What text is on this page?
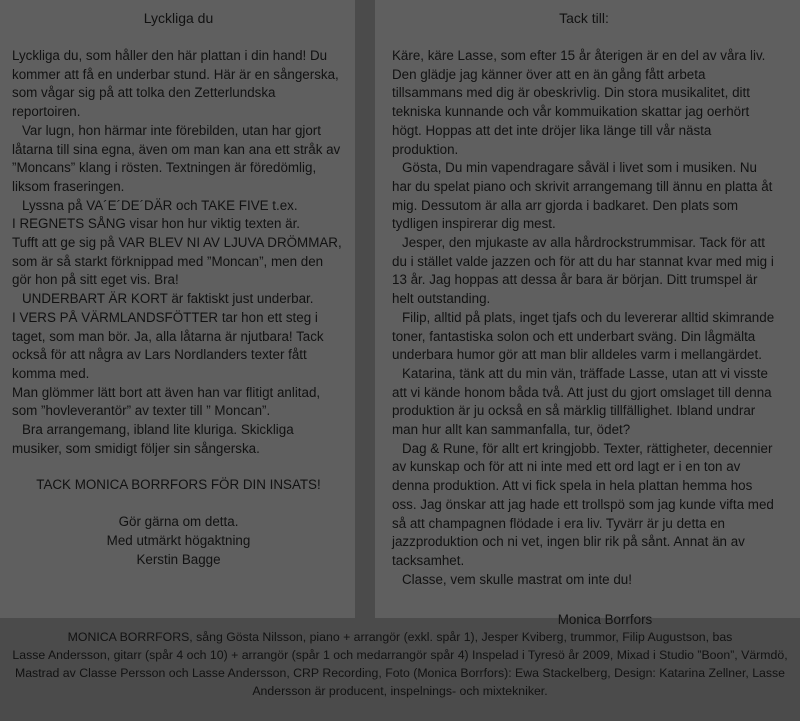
Lyckliga du

Lyckliga du, som håller den här plattan i din hand! Du kommer att få en underbar stund. Här är en sångerska, som vågar sig på att tolka den Zetterlundska reportoiren.

Var lugn, hon härmar inte förebilden, utan har gjort låtarna till sina egna, även om man kan ana ett stråk av ”Moncans” klang i rösten. Textningen är föredömlig, liksom fraseringen.

Lyssna på VA´E´DE´DÄR och TAKE FIVE t.ex.

I REGNETS SÅNG visar hon hur viktig texten är.

Tufft att ge sig på VAR BLEV NI AV LJUVA DRÖMMAR, som är så starkt förknippad med ”Moncan”, men den gör hon på sitt eget vis. Bra!

UNDERBART ÄR KORT är faktiskt just underbar.

I VERS PÅ VÄRMLANDSFÖTTER tar hon ett steg i taget, som man bör. Ja, alla låtarna är njutbara! Tack också för att några av Lars Nordlanders texter fått komma med.

Man glömmer lätt bort att även han var flitigt anlitad, som ”hovleverantör” av texter till ” Moncan”.

Bra arrangemang, ibland lite kluriga. Skickliga musiker, som smidigt följer sin sångerska.

TACK MONICA BORRFORS FÖR DIN INSATS!

Gör gärna om detta.

Med utmärkt högaktning

Kerstin Bagge

Tack till:

Käre, käre Lasse, som efter 15 år återigen är en del av våra liv. Den glädje jag känner över att en än gång fått arbeta tillsammans med dig är obeskrivlig. Din stora musikalitet, ditt tekniska kunnande och vår kommuikation skattar jag oerhört högt. Hoppas att det inte dröjer lika länge till vår nästa produktion.

Gösta, Du min vapendragare såväl i livet som i musiken. Nu har du spelat piano och skrivit arrangemang till ännu en platta åt mig. Dessutom är alla arr gjorda i badkaret. Den plats som tydligen inspirerar dig mest.

Jesper, den mjukaste av alla hårdrockstrummisar. Tack för att du i stället valde jazzen och för att du har stannat kvar med mig i 13 år. Jag hoppas att dessa år bara är början. Ditt trumspel är helt outstanding.

Filip, alltid på plats, inget tjafs och du levererar alltid skimrande toner, fantastiska solon och ett underbart sväng. Din lågmälta underbara humor gör att man blir alldeles varm i mellangärdet.

Katarina, tänk att du min vän, träffade Lasse, utan att vi visste att vi kände honom båda två. Att just du gjort omslaget till denna produktion är ju också en så märklig tillfällighet. Ibland undrar man hur allt kan sammanfalla, tur, ödet?

Dag & Rune, för allt ert kringjobb. Texter, rättigheter, decennier av kunskap och för att ni inte med ett ord lagt er i en ton av denna produktion. Att vi fick spela in hela plattan hemma hos oss. Jag önskar att jag hade ett trollspö som jag kunde vifta med så att champagnen flödade i era liv. Tyvärr är ju detta en jazzproduktion och ni vet, ingen blir rik på sånt. Annat än av tacksamhet.

Classe, vem skulle mastrat om inte du!

Monica Borrfors
MONICA BORRFORS, sång Gösta Nilsson, piano + arrangör (exkl. spår 1), Jesper Kviberg, trummor, Filip Augustson, bas
Lasse Andersson, gitarr (spår 4 och 10) + arrangör (spår 1 och medarrangör spår 4) Inspelad i Tyresö år 2009, Mixad i Studio ”Boon”, Värmdö,
Mastrad av Classe Persson och Lasse Andersson, CRP Recording, Foto (Monica Borrfors): Ewa Stackelberg, Design: Katarina Zellner, Lasse
Andersson är producent, inspelnings- och mixtekniker.
